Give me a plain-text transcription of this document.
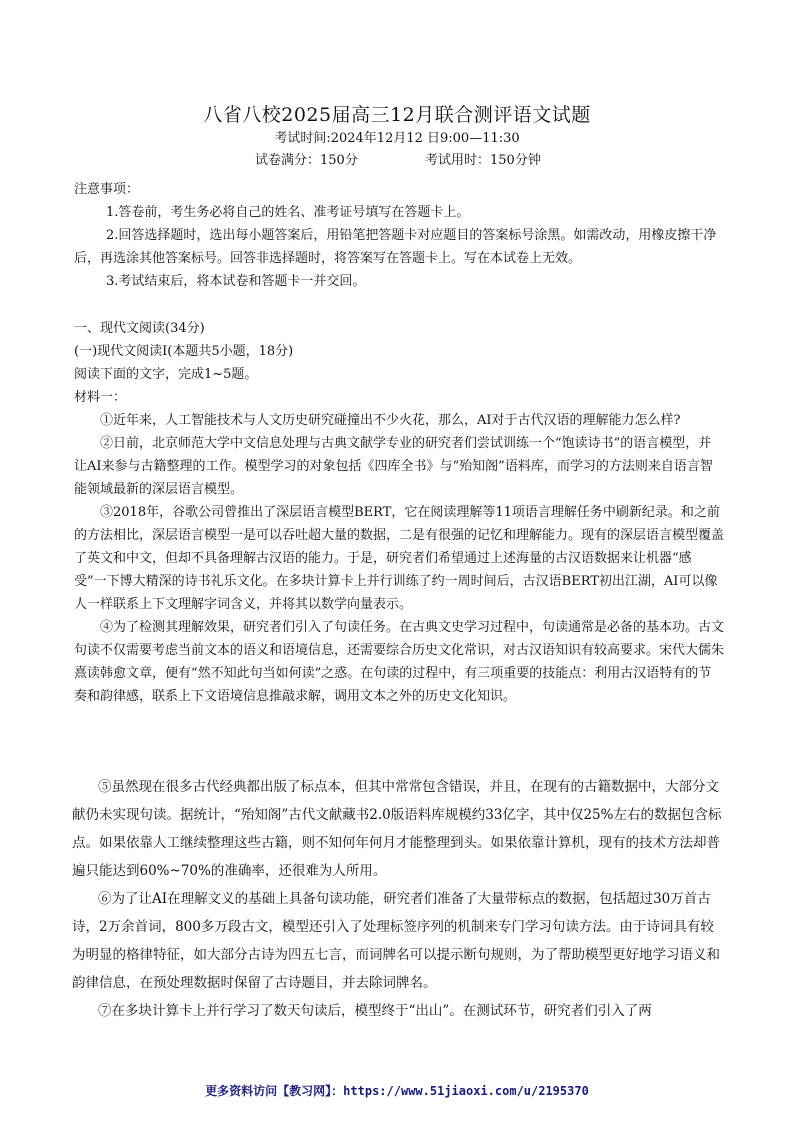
八省八校2025届高三12月联合测评语文试题
考试时间:2024年12月12 日9:00—11:30
试卷满分：150分	考试用时：150分钟

注意事项：

1.答卷前，考生务必将自己的姓名、准考证号填写在答题卡上。

2.回答选择题时，选出每小题答案后，用铅笔把答题卡对应题目的答案标号涂黑。如需改动，用橡皮擦干净后，再选涂其他答案标号。回答非选择题时，将答案写在答题卡上。写在本试卷上无效。

3.考试结束后，将本试卷和答题卡一并交回。

一、现代文阅读(34分)

(一)现代文阅读Ⅰ(本题共5小题，18分)

阅读下面的文字，完成1~5题。

材料一：

①近年来，人工智能技术与人文历史研究碰撞出不少火花，那么，AI对于古代汉语的理解能力怎么样?

②日前，北京师范大学中文信息处理与古典文献学专业的研究者们尝试训练一个“饱读诗书”的语言模型，并让AI来参与古籍整理的工作。模型学习的对象包括《四库全书》与“殆知阁”语料库，而学习的方法则来自语言智能领域最新的深层语言模型。

③2018年，谷歌公司曾推出了深层语言模型BERT，它在阅读理解等11项语言理解任务中刷新纪录。和之前的方法相比，深层语言模型一是可以吞吐超大量的数据，二是有很强的记忆和理解能力。现有的深层语言模型覆盖了英文和中文，但却不具备理解古汉语的能力。于是，研究者们希望通过上述海量的古汉语数据来让机器“感受”一下博大精深的诗书礼乐文化。在多块计算卡上并行训练了约一周时间后，古汉语BERT初出江湖，AI可以像人一样联系上下文理解字词含义，并将其以数学向量表示。

④为了检测其理解效果，研究者们引入了句读任务。在古典文史学习过程中，句读通常是必备的基本功。古文句读不仅需要考虑当前文本的语义和语境信息，还需要综合历史文化常识，对古汉语知识有较高要求。宋代大儒朱熹读韩愈文章，便有“然不知此句当如何读”之惑。在句读的过程中，有三项重要的技能点：利用古汉语特有的节奏和韵律感，联系上下文语境信息推敲求解，调用文本之外的历史文化知识。

⑤虽然现在很多古代经典都出版了标点本，但其中常常包含错误，并且，在现有的古籍数据中，大部分文献仍未实现句读。据统计，“殆知阁”古代文献藏书2.0版语料库规模约33亿字，其中仅25%左右的数据包含标点。如果依靠人工继续整理这些古籍，则不知何年何月才能整理到头。如果依靠计算机，现有的技术方法却普遍只能达到60%~70%的准确率，还很难为人所用。

⑥为了让AI在理解文义的基础上具备句读功能，研究者们准备了大量带标点的数据，包括超过30万首古诗，2万余首词，800多万段古文，模型还引入了处理标签序列的机制来专门学习句读方法。由于诗词具有较为明显的格律特征，如大部分古诗为四五七言，而词牌名可以提示断句规则，为了帮助模型更好地学习语义和韵律信息，在预处理数据时保留了古诗题目，并去除词牌名。

⑦在多块计算卡上并行学习了数天句读后，模型终于“出山”。在测试环节，研究者们引入了两

更多资料访问【教习网】：https://www.51jiaoxi.com/u/2195370
